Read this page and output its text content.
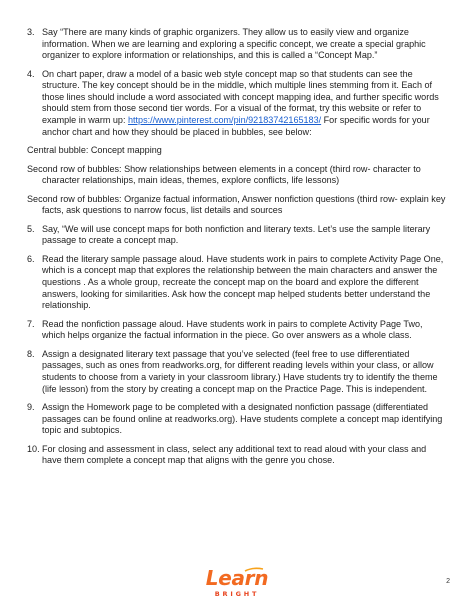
3. Say “There are many kinds of graphic organizers. They allow us to easily view and organize information. When we are learning and exploring a specific concept, we create a special graphic organizer to explore information or relationships, and this is called a “Concept Map.”
4. On chart paper, draw a model of a basic web style concept map so that students can see the structure. The key concept should be in the middle, which multiple lines stemming from it. Each of those lines should include a word associated with concept mapping idea, and further specific words should stem from those second tier words. For a visual of the format, try this website or refer to example in warm up: https://www.pinterest.com/pin/92183742165183/ For specific words for your anchor chart and how they should be placed in bubbles, see below:
Central bubble: Concept mapping
Second row of bubbles: Show relationships between elements in a concept (third row- character to character relationships, main ideas, themes, explore conflicts, life lessons)
Second row of bubbles: Organize factual information, Answer nonfiction questions (third row- explain key facts, ask questions to narrow focus, list details and sources
5. Say, “We will use concept maps for both nonfiction and literary texts. Let’s use the sample literary passage to create a concept map.
6. Read the literary sample passage aloud. Have students work in pairs to complete Activity Page One, which is a concept map that explores the relationship between the main characters and answer the questions . As a whole group, recreate the concept map on the board and explore the different answers, looking for similarities. Ask how the concept map helped students better understand the relationship.
7. Read the nonfiction passage aloud. Have students work in pairs to complete Activity Page Two, which helps organize the factual information in the piece. Go over answers as a whole class.
8. Assign a designated literary text passage that you’ve selected (feel free to use differentiated passages, such as ones from readworks.org, for different reading levels within your class, or allow students to choose from a variety in your classroom library.) Have students try to identify the theme (life lesson) from the story by creating a concept map on the Practice Page. This is independent.
9. Assign the Homework page to be completed with a designated nonfiction passage (differentiated passages can be found online at readworks.org). Have students complete a concept map identifying topic and subtopics.
10. For closing and assessment in class, select any additional text to read aloud with your class and have them complete a concept map that aligns with the genre you chose.
Learn
BRIGHT
2
